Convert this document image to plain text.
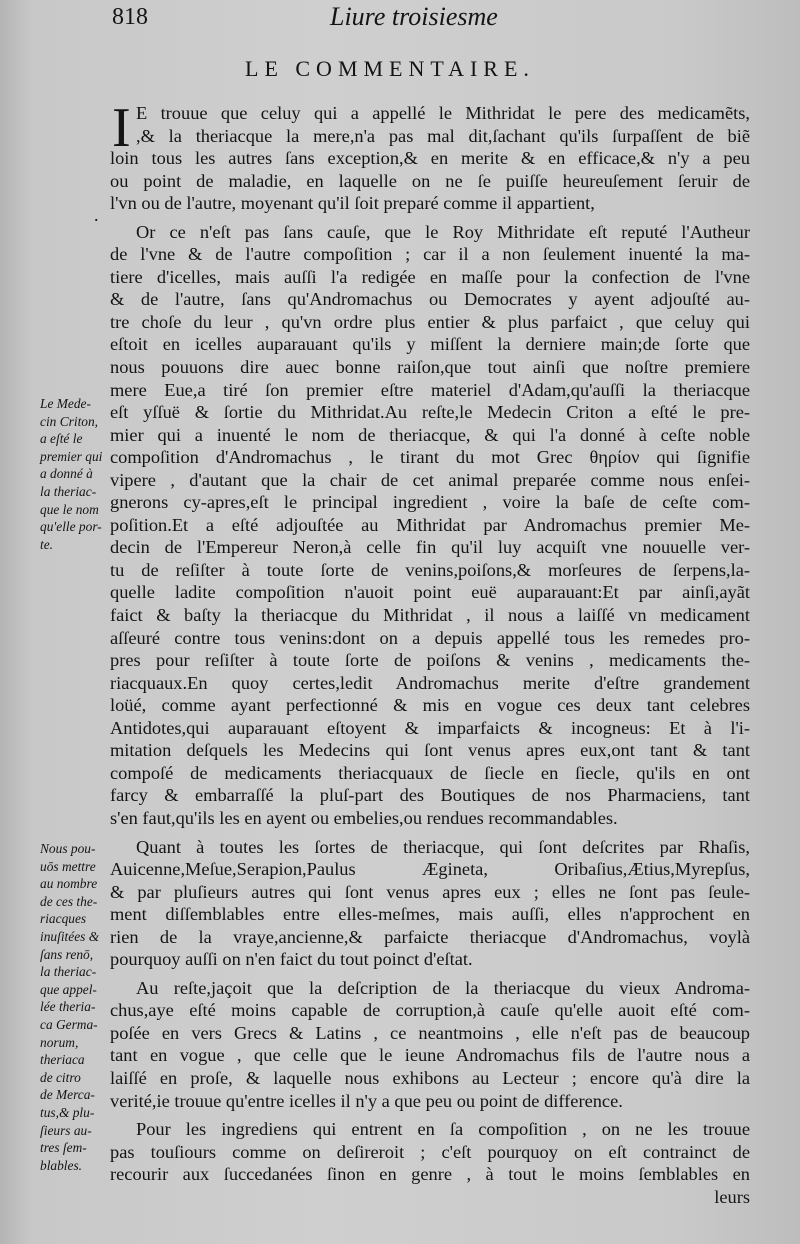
818	Liure troisiesme
LE COMMENTAIRE.
.
I E trouue que celuy qui a appellé le Mithridat le pere des medicamẽts,
,& la theriacque la mere,n'a pas mal dit,ſachant qu'ils ſurpaſſent de biẽ
loin tous les autres ſans exception,& en merite & en efficace,& n'y a peu
ou point de maladie, en laquelle on ne ſe puiſſe heureuſement ſeruir de
l'vn ou de l'autre, moyenant qu'il ſoit preparé comme il appartient,
Or ce n'eſt pas ſans cauſe, que le Roy Mithridate eſt reputé l'Autheur
de l'vne & de l'autre compoſition ; car il a non ſeulement inuenté la ma-
tiere d'icelles, mais auſſi l'a redigée en maſſe pour la confection de l'vne
& de l'autre, ſans qu'Andromachus ou Democrates y ayent adjouſté au-
tre choſe du leur , qu'vn ordre plus entier & plus parfaict , que celuy qui
eſtoit en icelles auparauant qu'ils y miſſent la derniere main;de ſorte que
nous pouuons dire auec bonne raiſon,que tout ainſi que noſtre premiere
mere Eue,a tiré ſon premier eſtre materiel d'Adam,qu'auſſi la theriacque
eſt yſſuë & ſortie du Mithridat.Au reſte,le Medecin Criton a eſté le pre-
mier qui a inuenté le nom de theriacque, & qui l'a donné à ceſte noble
compoſition d'Andromachus , le tirant du mot Grec θηρίον qui ſignifie
vipere , d'autant que la chair de cet animal preparée comme nous enſei-
gnerons cy-apres,eſt le principal ingredient , voire la baſe de ceſte com-
poſition.Et a eſté adjouſtée au Mithridat par Andromachus premier Me-
decin de l'Empereur Neron,à celle fin qu'il luy acquiſt vne nouuelle ver-
tu de reſiſter à toute ſorte de venins,poiſons,& morſeures de ſerpens,la-
quelle ladite compoſition n'auoit point euë auparauant:Et par ainſi,ayãt
faict & baſty la theriacque du Mithridat , il nous a laiſſé vn medicament
aſſeuré contre tous venins:dont on a depuis appellé tous les remedes pro-
pres pour reſiſter à toute ſorte de poiſons & venins , medicaments the-
riacquaux.En quoy certes,ledit Andromachus merite d'eſtre grandement
loüé, comme ayant perfectionné & mis en vogue ces deux tant celebres
Antidotes,qui auparauant eſtoyent & imparfaicts & incogneus: Et à l'i-
mitation deſquels les Medecins qui ſont venus apres eux,ont tant & tant
compoſé de medicaments theriacquaux de ſiecle en ſiecle, qu'ils en ont
farcy & embarraſſé la pluſ-part des Boutiques de nos Pharmaciens, tant
s'en faut,qu'ils les en ayent ou embelies,ou rendues recommandables.
Quant à toutes les ſortes de theriacque, qui ſont deſcrites par Rhaſis,
Auicenne,Meſue,Serapion,Paulus Æginetа, Oribaſius,Ætius,Myrepſus,
& par pluſieurs autres qui ſont venus apres eux ; elles ne ſont pas ſeule-
ment diſſemblables entre elles-meſmes, mais auſſi, elles n'approchent en
rien de la vraye,ancienne,& parfaicte theriacque d'Andromachus, voylà
pourquoy auſſi on n'en faict du tout poinct d'eſtat.
Au reſte,jaçoit que la deſcription de la theriacque du vieux Androma-
chus,aye eſté moins capable de corruption,à cauſe qu'elle auoit eſté com-
poſée en vers Grecs & Latins , ce neantmoins , elle n'eſt pas de beaucoup
tant en vogue , que celle que le ieune Andromachus fils de l'autre nous a
laiſſé en proſe, & laquelle nous exhibons au Lecteur ; encore qu'à dire la
verité,ie trouue qu'entre icelles il n'y a que peu ou point de difference.
Pour les ingrediens qui entrent en ſa compoſition , on ne les trouue
pas touſiours comme on deſireroit ; c'eſt pourquoy on eſt contrainct de
recourir aux ſuccedanées ſinon en genre , à tout le moins ſemblables en
leurs
Le Mede-
cin Criton,
a eſté le
premier qui
a donné à
la theriac-
que le nom
qu'elle por-
te.
Nous pou-
uōs mettre
au nombre
de ces the-
riacques
inuſitées &
ſans renō,
la theriac-
que appel-
lée theria-
ca Germa-
norum,
theriaca
de citro
de Merca-
tus,& plu-
ſieurs au-
tres ſem-
blables.
